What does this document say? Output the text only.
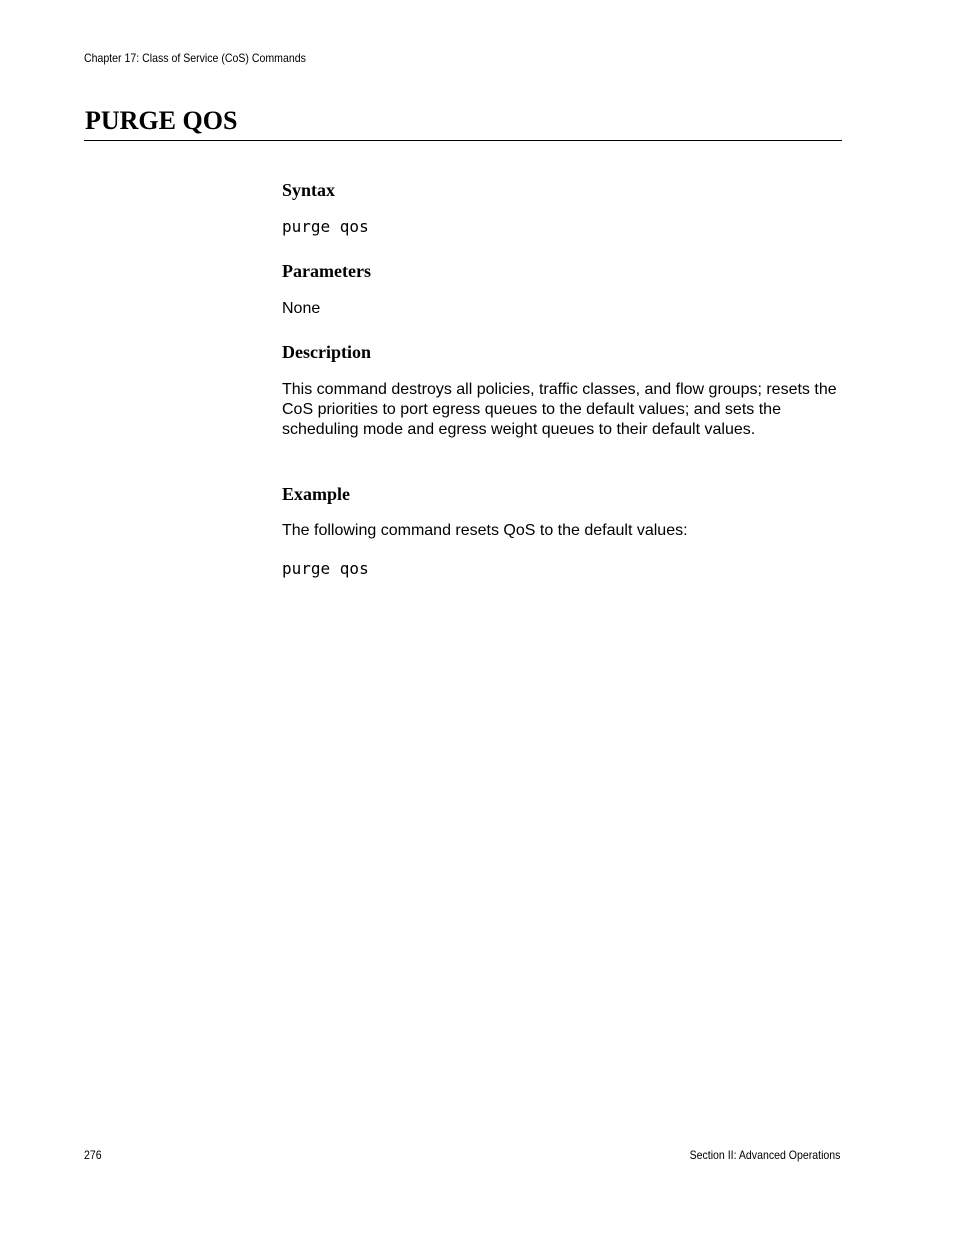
Chapter 17: Class of Service (CoS) Commands
PURGE QOS
Syntax
purge qos
Parameters

None

Description

This command destroys all policies, traffic classes, and flow groups; resets the CoS priorities to port egress queues to the default values; and sets the scheduling mode and egress weight queues to their default values.

Example

The following command resets QoS to the default values:

purge qos
276	Section II: Advanced Operations
